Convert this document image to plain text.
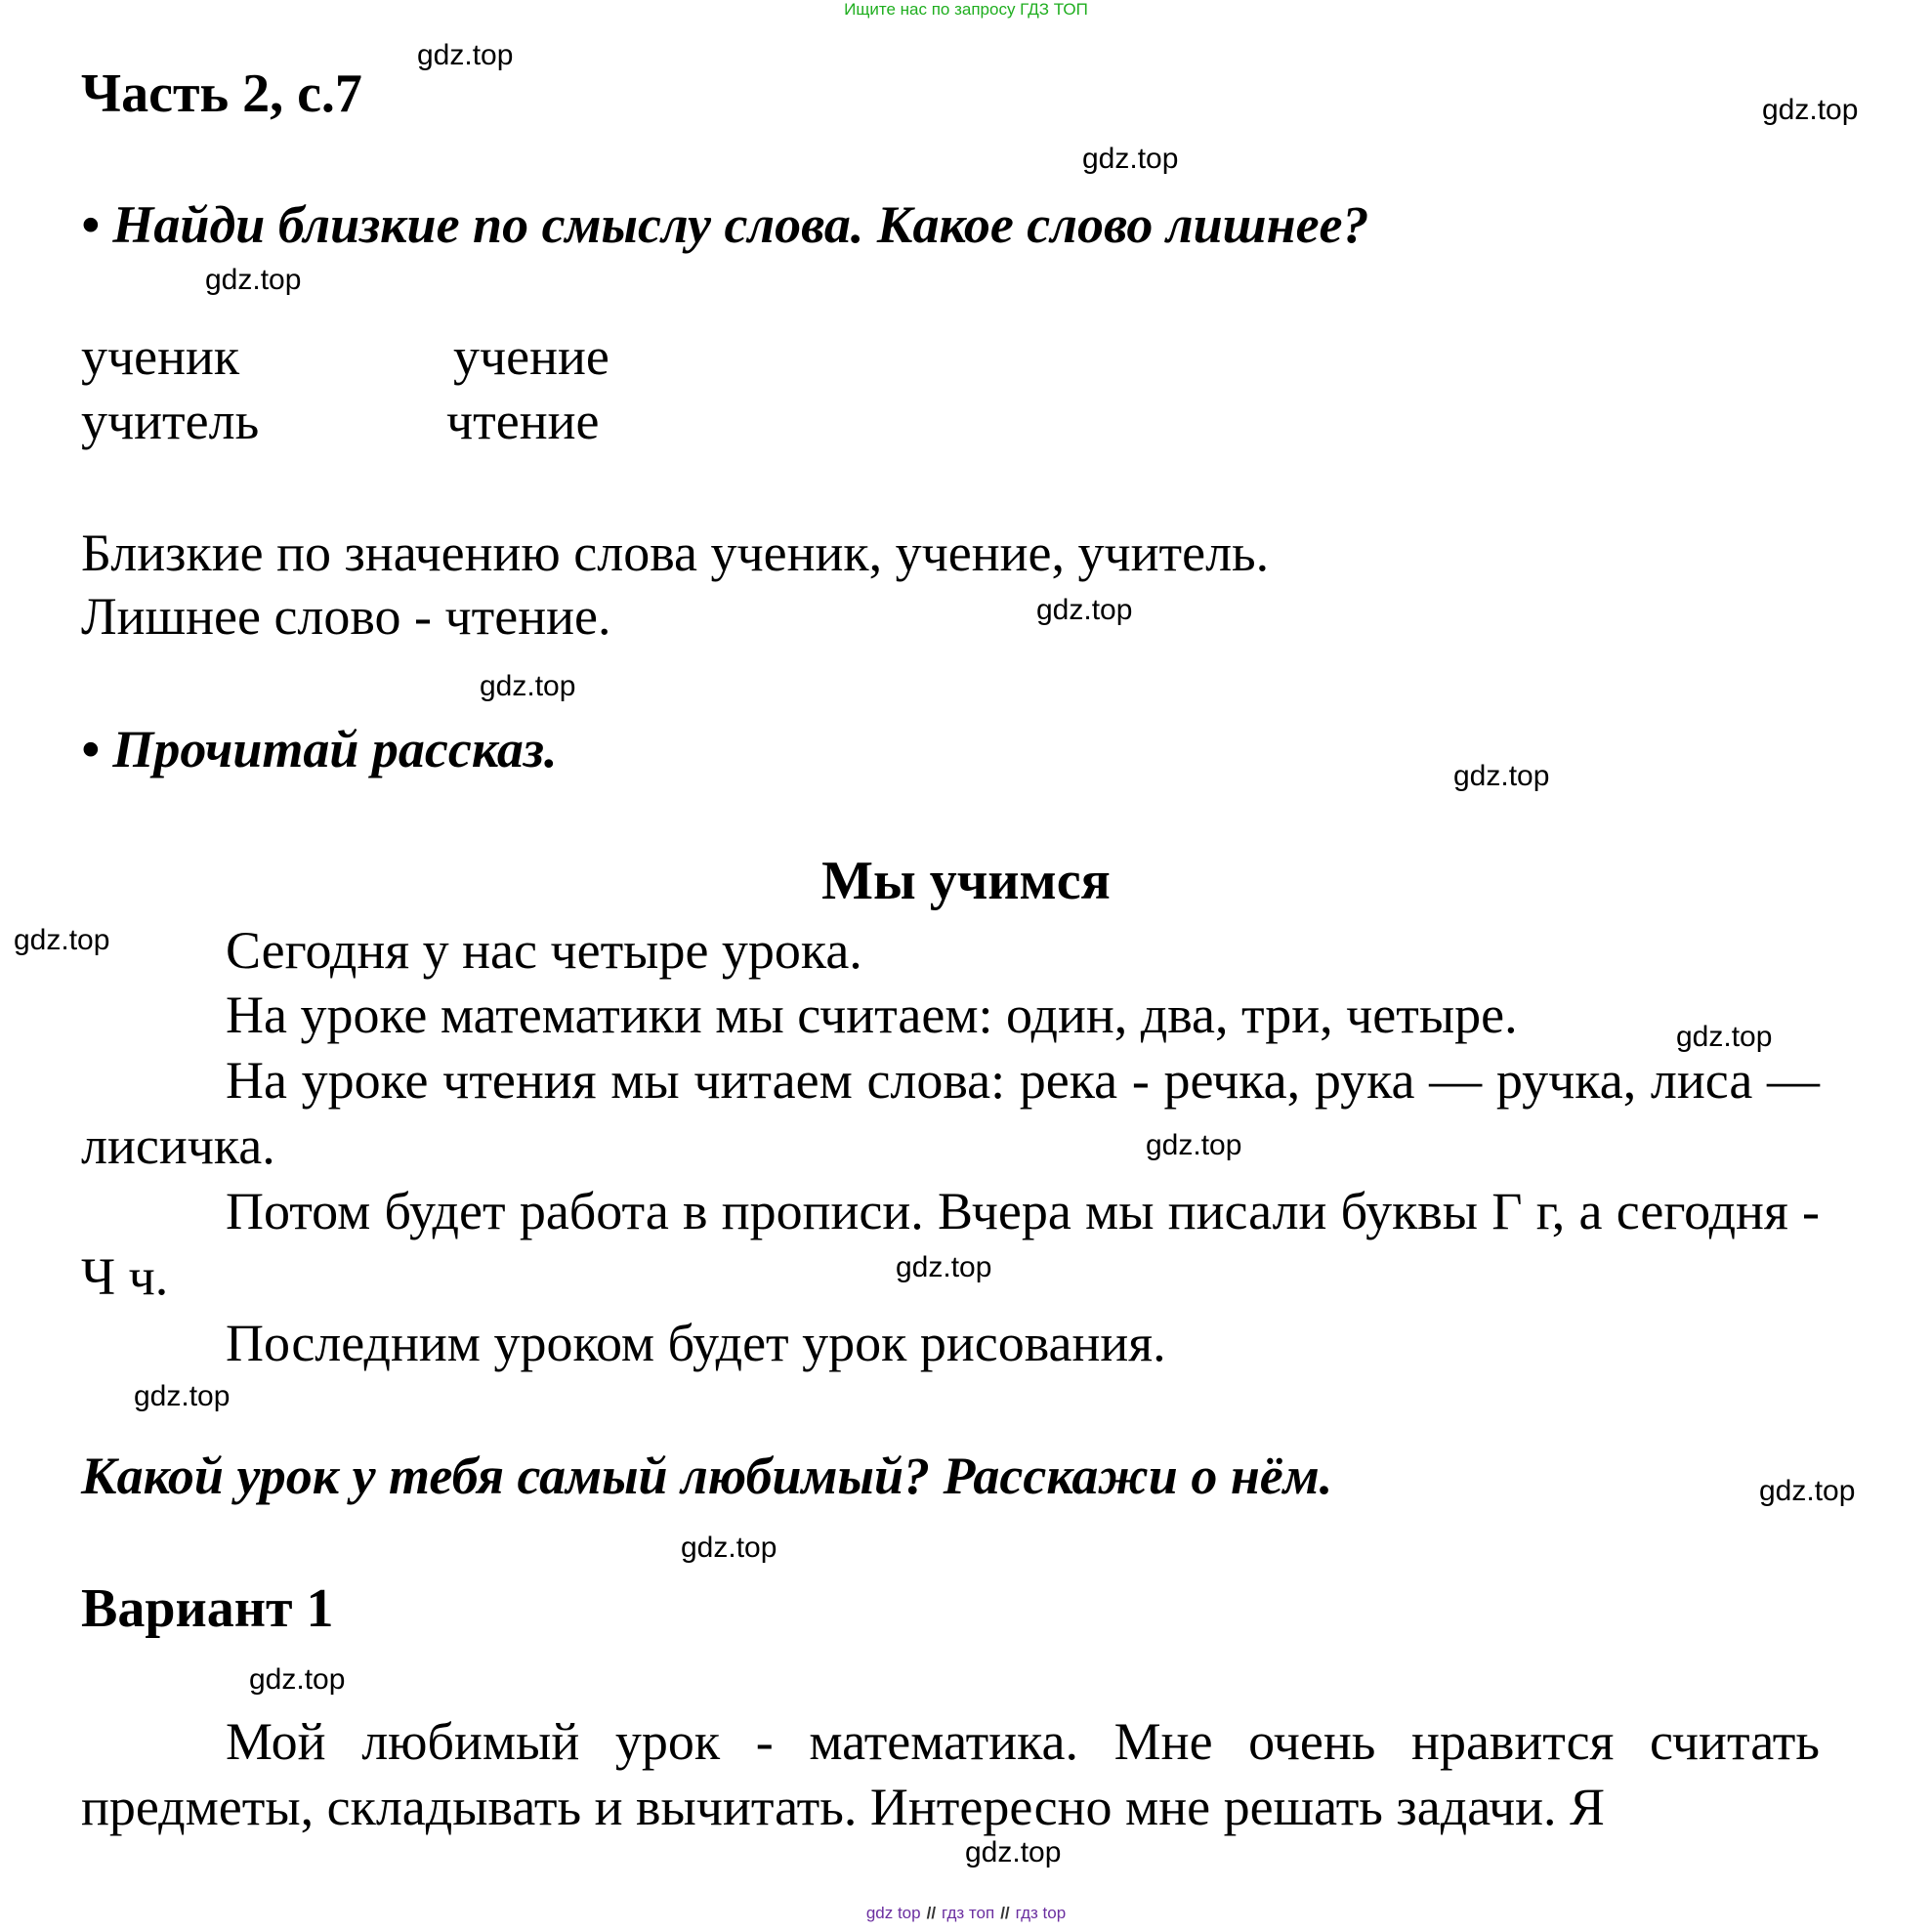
Ищите нас по запросу ГДЗ ТОП
gdz.top
gdz.top
gdz.top
gdz.top
gdz.top
gdz.top
gdz.top
gdz.top
gdz.top
gdz.top
gdz.top
gdz.top
gdz.top
gdz.top
gdz.top
gdz.top
Часть 2, с.7
• Найди близкие по смыслу слова. Какое слово лишнее?
ученик	учение
учитель	чтение
Близкие по значению слова ученик, учение, учитель.
Лишнее слово - чтение.
• Прочитай рассказ.
Мы учимся
Сегодня у нас четыре урока.
На уроке математики мы считаем: один, два, три, четыре.
На уроке чтения мы читаем слова: река - речка, рука — ручка, лиса — лисичка.
Потом будет работа в прописи. Вчера мы писали буквы Г г, а сегодня - Ч ч.
Последним уроком будет урок рисования.
Какой урок у тебя самый любимый? Расскажи о нём.
Вариант 1
Мой любимый урок - математика. Мне очень нравится считать предметы, складывать и вычитать. Интересно мне решать задачи. Я
gdz top // гдз топ // гдз top
